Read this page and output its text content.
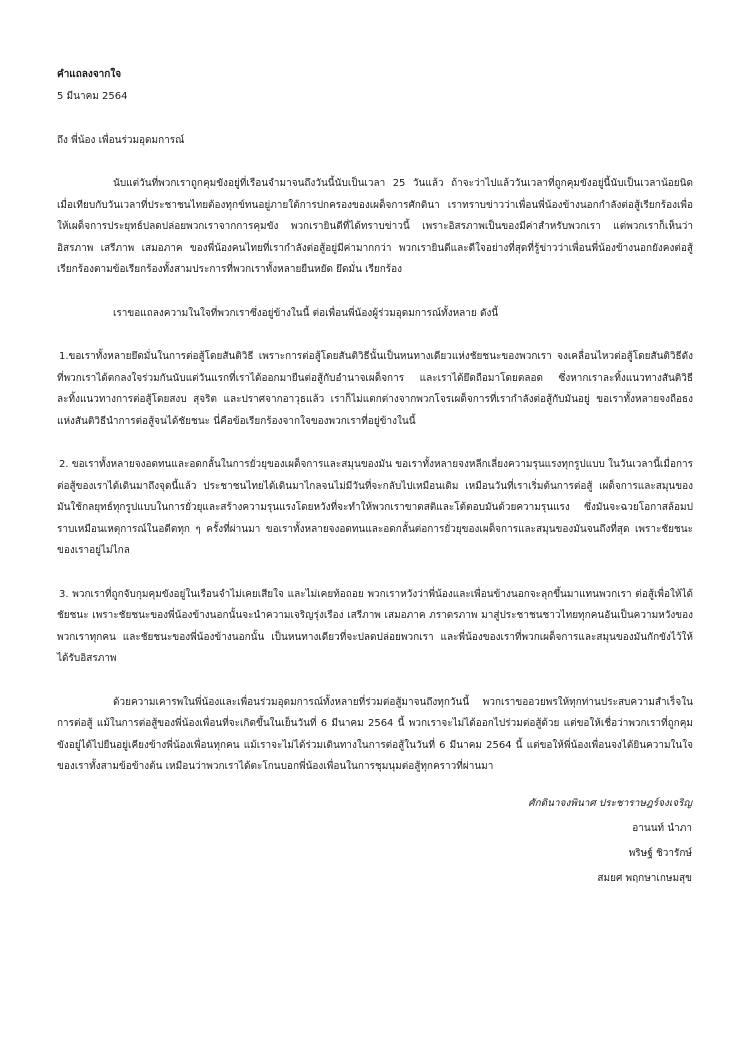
คำแถลงจากใจ

5 มีนาคม 2564

ถึง พี่น้อง เพื่อนร่วมอุดมการณ์

นับแต่วันที่พวกเราถูกคุมขังอยู่ที่เรือนจำมาจนถึงวันนี้นับเป็นเวลา 25 วันแล้ว ถ้าจะว่าไปแล้ววันเวลาที่ถูกคุมขังอยู่นี้นับเป็นเวลาน้อยนิดเมื่อเทียบกับวันเวลาที่ประชาชนไทยต้องทุกข์ทนอยู่ภายใต้การปกครองของเผด็จการศักดินา เราทราบข่าวว่าเพื่อนพี่น้องข้างนอกกำลังต่อสู้เรียกร้องเพื่อให้เผด็จการประยุทธ์ปลดปล่อยพวกเราจากการคุมขัง พวกเรายินดีที่ได้ทราบข่าวนี้ เพราะอิสรภาพเป็นของมีค่าสำหรับพวกเรา แต่พวกเราก็เห็นว่าอิสรภาพ เสรีภาพ เสมอภาค ของพี่น้องคนไทยที่เรากำลังต่อสู้อยู่มีค่ามากกว่า พวกเรายินดีและดีใจอย่างที่สุดที่รู้ข่าวว่าเพื่อนพี่น้องข้างนอกยังคงต่อสู้เรียกร้องตามข้อเรียกร้องทั้งสามประการที่พวกเราทั้งหลายยืนหยัด ยึดมั่น เรียกร้อง

เราขอแถลงความในใจที่พวกเราซึ่งอยู่ข้างในนี้ ต่อเพื่อนพี่น้องผู้ร่วมอุดมการณ์ทั้งหลาย ดังนี้

1.ขอเราทั้งหลายยึดมั่นในการต่อสู้โดยสันติวิธี เพราะการต่อสู้โดยสันติวิธีนั้นเป็นหนทางเดียวแห่งชัยชนะของพวกเรา จงเคลื่อนไหวต่อสู้โดยสันติวิธีดังที่พวกเราได้ตกลงใจร่วมกันนับแต่วันแรกที่เราได้ออกมายืนต่อสู้กับอำนาจเผด็จการ และเราได้ยึดถือมาโดยตลอด ซึ่งหากเราละทิ้งแนวทางสันติวิธี ละทิ้งแนวทางการต่อสู้โดยสงบ สุจริต และปราศจากอาวุธแล้ว เราก็ไม่แตกต่างจากพวกโจรเผด็จการที่เรากำลังต่อสู้กับมันอยู่ ขอเราทั้งหลายจงถือธงแห่งสันติวิธีนำการต่อสู้จนได้ชัยชนะ นี่คือข้อเรียกร้องจากใจของพวกเราที่อยู่ข้างในนี้

2. ขอเราทั้งหลายจงอดทนและอดกลั้นในการยั่วยุของเผด็จการและสมุนของมัน ขอเราทั้งหลายจงหลีกเลี่ยงความรุนแรงทุกรูปแบบ ในวันเวลานี้เมื่อการต่อสู้ของเราได้เดินมาถึงจุดนี้แล้ว ประชาชนไทยได้เดินมาไกลจนไม่มีวันที่จะกลับไปเหมือนเดิม เหมือนวันที่เราเริ่มต้นการต่อสู้ เผด็จการและสมุนของมันใช้กลยุทธ์ทุกรูปแบบในการยั่วยุและสร้างความรุนแรงโดยหวังที่จะทำให้พวกเราขาดสติและโต้ตอบมันด้วยความรุนแรง ซึ่งมันจะฉวยโอกาสล้อมปราบเหมือนเหตุการณ์ในอดีตทุก ๆ ครั้งที่ผ่านมา ขอเราทั้งหลายจงอดทนและอดกลั้นต่อการยั่วยุของเผด็จการและสมุนของมันจนถึงที่สุด เพราะชัยชนะของเราอยู่ไม่ไกล

3. พวกเราที่ถูกจับกุมคุมขังอยู่ในเรือนจำไม่เคยเสียใจ และไม่เคยท้อถอย พวกเราหวังว่าพี่น้องและเพื่อนข้างนอกจะลุกขึ้นมาแทนพวกเรา ต่อสู้เพื่อให้ได้ชัยชนะ เพราะชัยชนะของพี่น้องข้างนอกนั้นจะนำความเจริญรุ่งเรือง เสรีภาพ เสมอภาค ภราดรภาพ มาสู่ประชาชนชาวไทยทุกคนอันเป็นความหวังของพวกเราทุกคน และชัยชนะของพี่น้องข้างนอกนั้น เป็นหนทางเดียวที่จะปลดปล่อยพวกเรา และพี่น้องของเราที่พวกเผด็จการและสมุนของมันกักขังไว้ให้ได้รับอิสรภาพ

ด้วยความเคารพในพี่น้องและเพื่อนร่วมอุดมการณ์ทั้งหลายที่ร่วมต่อสู้มาจนถึงทุกวันนี้ พวกเราขออวยพรให้ทุกท่านประสบความสำเร็จในการต่อสู้ แม้ในการต่อสู้ของพี่น้องเพื่อนที่จะเกิดขึ้นในเย็นวันที่ 6 มีนาคม 2564 นี้ พวกเราจะไม่ได้ออกไปร่วมต่อสู้ด้วย แต่ขอให้เชื่อว่าพวกเราที่ถูกคุมขังอยู่ได้ไปยืนอยู่เคียงข้างพี่น้องเพื่อนทุกคน แม้เราจะไม่ได้ร่วมเดินทางในการต่อสู้ในวันที่ 6 มีนาคม 2564 นี้ แต่ขอให้พี่น้องเพื่อนจงได้ยินความในใจของเราทั้งสามข้อข้างต้น เหมือนว่าพวกเราได้ตะโกนบอกพี่น้องเพื่อนในการชุมนุมต่อสู้ทุกคราวที่ผ่านมา

ศักดินาจงพินาศ ประชาราษฎร์จงเจริญ
อานนท์ นำภา
พริษฐ์ ชิวารักษ์
สมยศ พฤกษาเกษมสุข
